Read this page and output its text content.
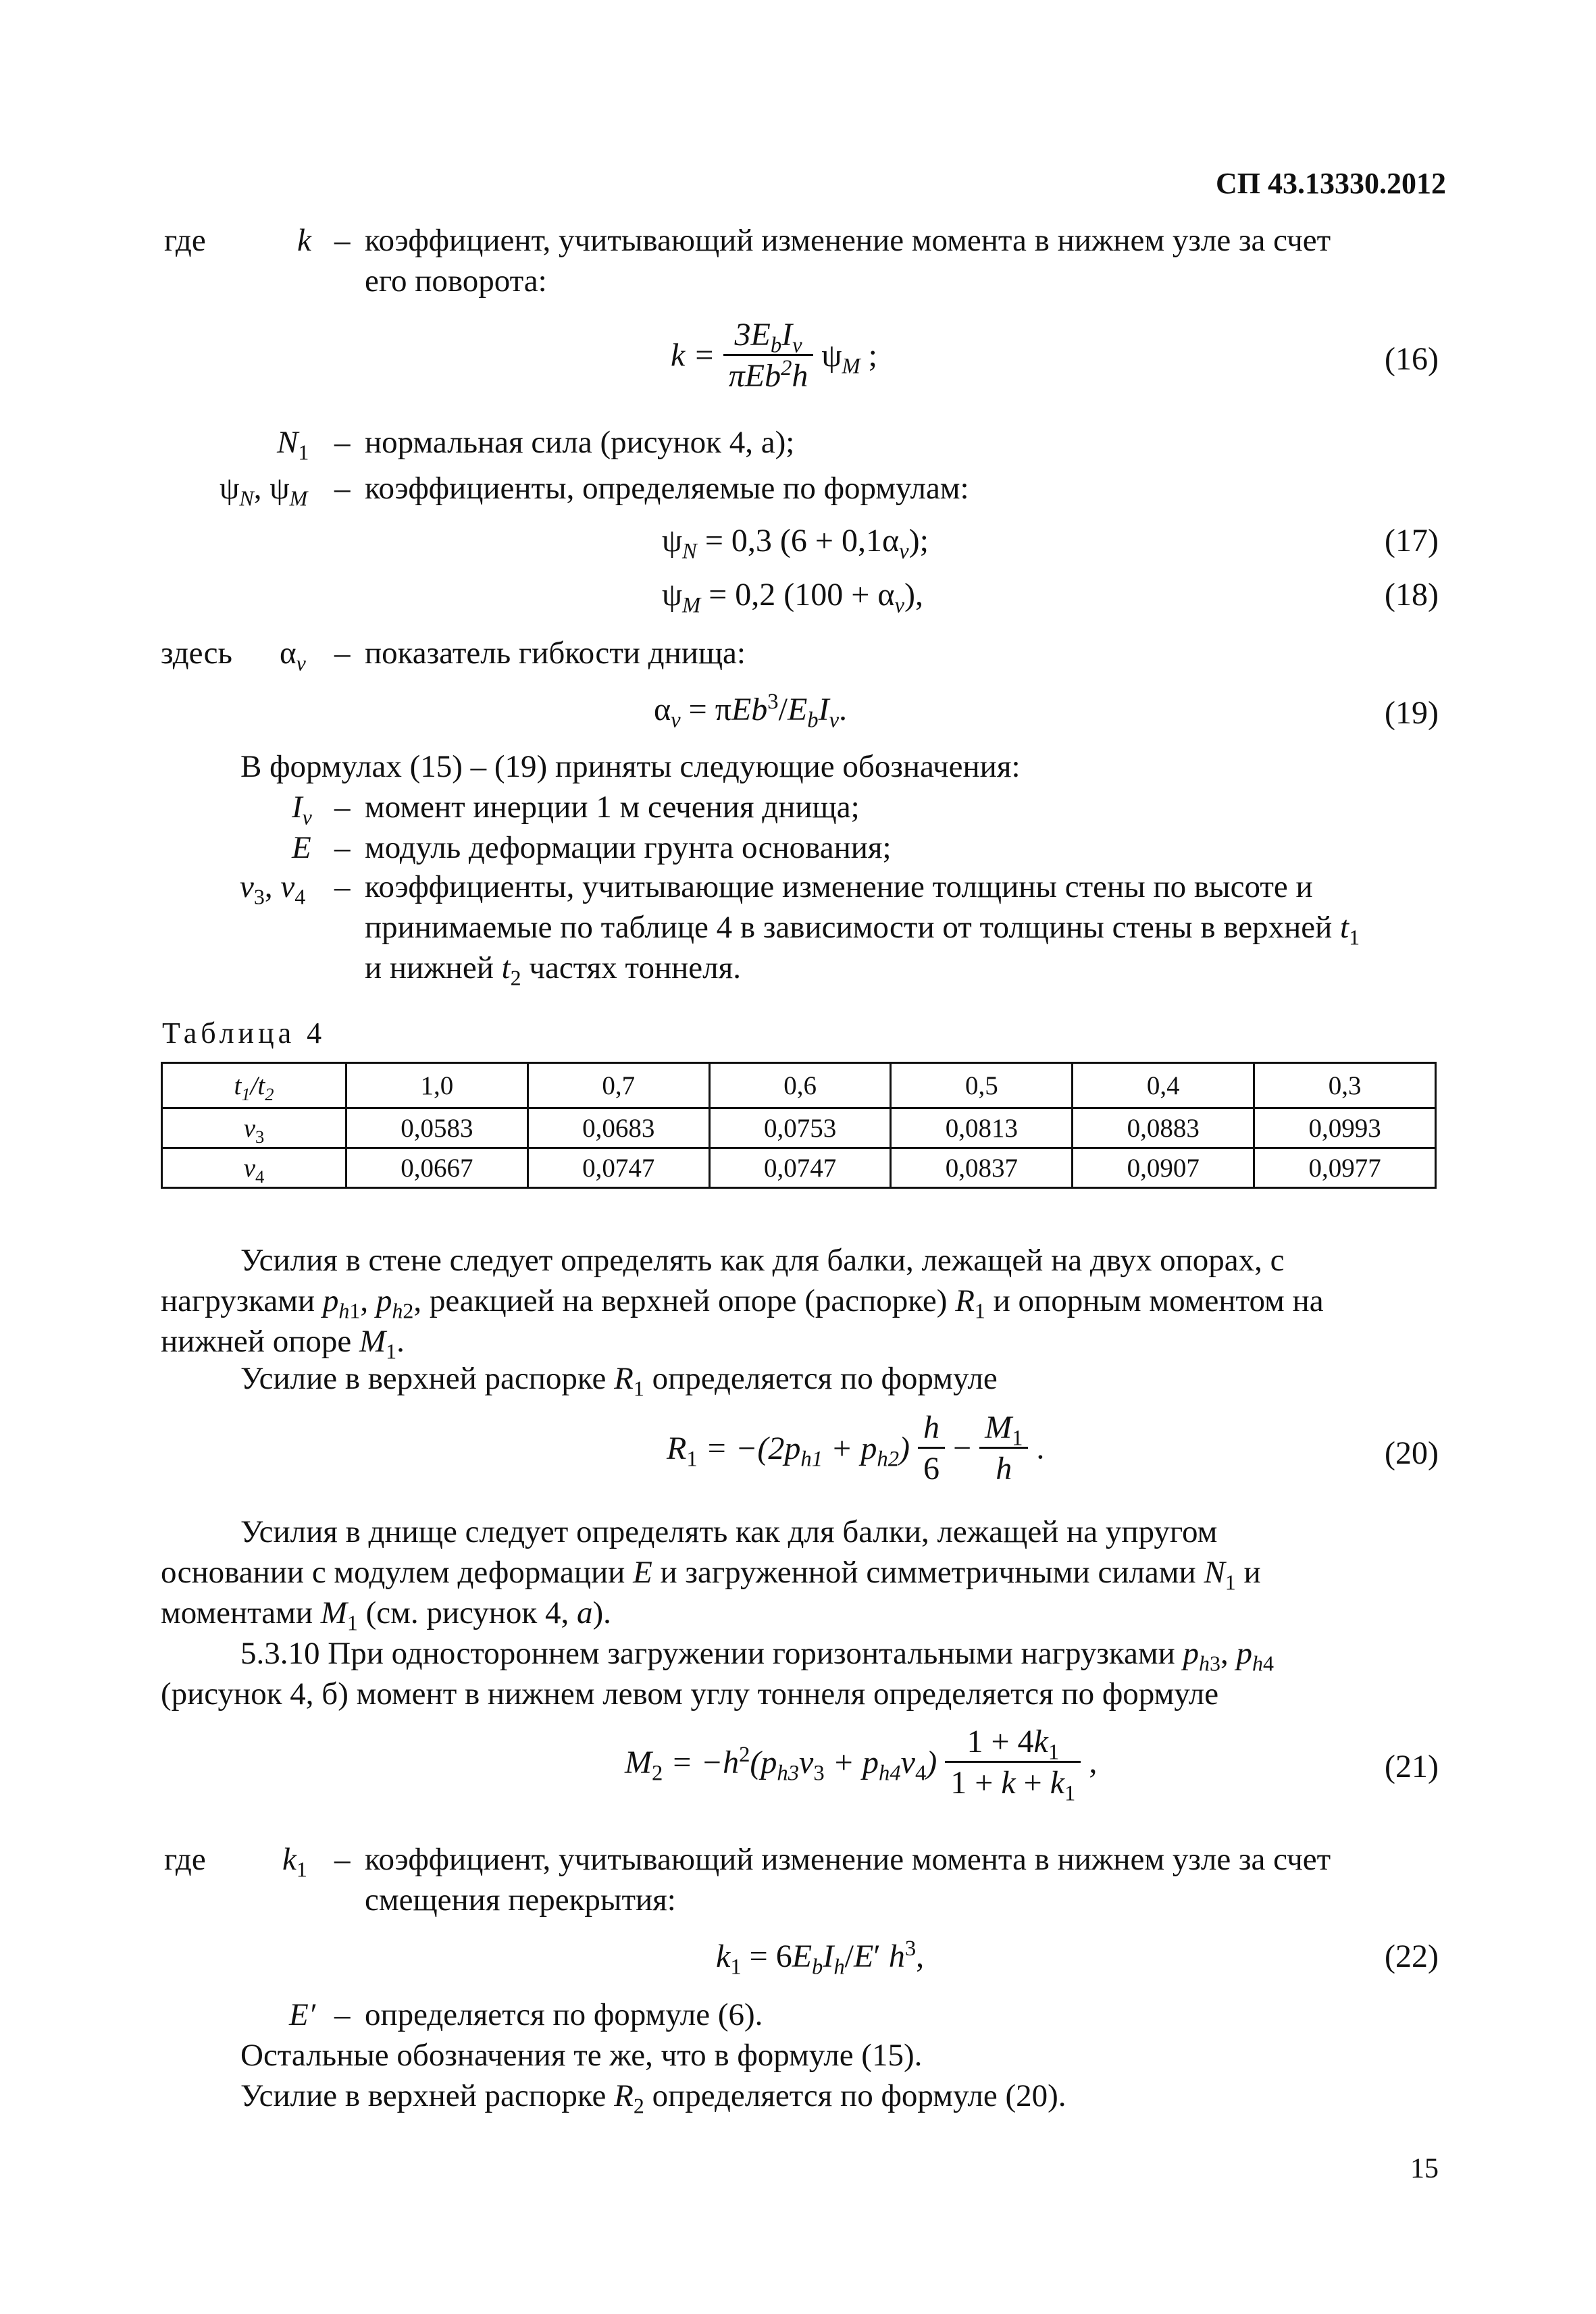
СП 43.13330.2012
где	k – коэффициент, учитывающий изменение момента в нижнем узле за счет
его поворота:
$k = \frac{3E_bI_v}{\pi Eb^2h} \psi_M$ ;	(16)
$N_1$ – нормальная сила (рисунок 4, а);
$\psi_N$, $\psi_M$ – коэффициенты, определяемые по формулам:
$\psi_N = 0,3$ $(6 + 0,1\alpha_v)$;	(17)
$\psi_M = 0,2$ $(100 + \alpha_v)$,	(18)
здесь $\alpha_v$ – показатель гибкости днища:
$\alpha_v = \pi Eb^3/E_bI_v$.	(19)
В формулах (15) – (19) приняты следующие обозначения:
$I_v$ – момент инерции 1 м сечения днища;
E – модуль деформации грунта основания;
$\nu_3$, $\nu_4$ – коэффициенты, учитывающие изменение толщины стены по высоте и
принимаемые по таблице 4 в зависимости от толщины стены в верхней $t_1$
и нижней $t_2$ частях тоннеля.
Таблица 4
$t_1/t_2$	1,0	0,7	0,6	0,5	0,4	0,3
$\nu_3$	0,0583	0,0683	0,0753	0,0813	0,0883	0,0993
$\nu_4$	0,0667	0,0747	0,0747	0,0837	0,0907	0,0977
Усилия в стене следует определять как для балки, лежащей на двух опорах, с
нагрузками $p_{h1}$, $p_{h2}$, реакцией на верхней опоре (распорке) $R_1$ и опорным моментом на
нижней опоре $M_1$.
Усилие в верхней распорке $R_1$ определяется по формуле
$R_1 = -(2p_{h1} + p_{h2}) \frac{h}{6} - \frac{M_1}{h}$ .	(20)
Усилия в днище следует определять как для балки, лежащей на упругом
основании с модулем деформации E и загруженной симметричными силами $N_1$ и
моментами $M_1$ (см. рисунок 4, а).
5.3.10 При одностороннем загружении горизонтальными нагрузками $p_{h3}$, $p_{h4}$
(рисунок 4, б) момент в нижнем левом углу тоннеля определяется по формуле
$M_2 = -h^2(p_{h3}\nu_3 + p_{h4}\nu_4) \frac{1 + 4k_1}{1 + k + k_1}$ ,	(21)
где $k_1$ – коэффициент, учитывающий изменение момента в нижнем узле за счет
смещения перекрытия:
$k_1 = 6E_bI_h/E'$ $h^3$,	(22)
E′ – определяется по формуле (6).
Остальные обозначения те же, что в формуле (15).
Усилие в верхней распорке $R_2$ определяется по формуле (20).
15
